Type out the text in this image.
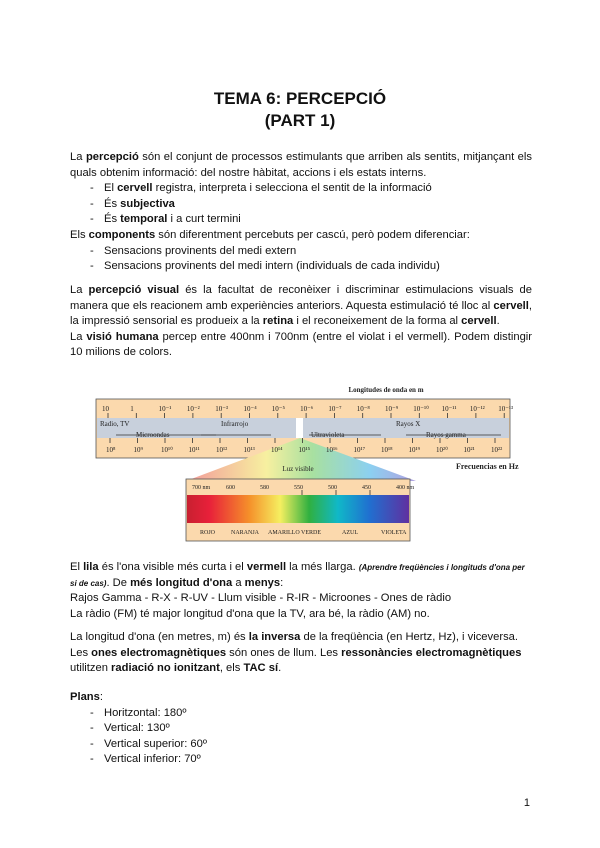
TEMA 6: PERCEPCIÓ
(PART 1)
La percepció són el conjunt de processos estimulants que arriben als sentits, mitjançant els quals obtenim informació: del nostre hàbitat, accions i els estats interns.
- El cervell registra, interpreta i selecciona el sentit de la informació
- És subjectiva
- És temporal i a curt termini
Els components són diferentment percebuts per cascú, però podem diferenciar:
- Sensacions provinents del medi extern
- Sensacions provinents del medi intern (individuals de cada individu)
La percepció visual és la facultat de reconèixer i discriminar estimulacions visuals de manera que els reacionem amb experiències anteriors. Aquesta estimulació té lloc al cervell, la impressió sensorial es produeix a la retina i el reconeixement de la forma al cervell.
La visió humana percep entre 400nm i 700nm (entre el violat i el vermell). Podem distingir 10 milions de colors.
Longitudes de onda en m
10	1	10⁻¹ 10⁻² 10⁻³ 10⁻⁴ 10⁻⁵ 10⁻⁶ 10⁻⁷ 10⁻⁸ 10⁻⁹ 10⁻¹⁰ 10⁻¹¹ 10⁻¹² 10⁻¹³
Radio, TV	Infrarrojo
Microondas	Ultravioleta
Rayos X
Rayos gamma
10⁸	10⁹	10¹⁰ 10¹¹ 10¹² 10¹³ 10¹⁴ 10¹⁵ 10¹⁶ 10¹⁷ 10¹⁸ 10¹⁹ 10²⁰ 10²¹ 10²²
Frecuencias en Hz
Luz visible
700 nm	600	580	550	500	450	400 nm
ROJO	NARANJA AMARILLO VERDE	AZUL	VIOLETA
El lila és l'ona visible més curta i el vermell la més llarga. (Aprendre freqüències i longituds d'ona per si de cas). De més longitud d'ona a menys:
Rajos Gamma - R-X - R-UV - Llum visible - R-IR - Microones - Ones de ràdio
La ràdio (FM) té major longitud d'ona que la TV, ara bé, la ràdio (AM) no.
La longitud d'ona (en metres, m) és la inversa de la freqüència (en Hertz, Hz), i viceversa.
Les ones electromagnètiques són ones de llum. Les ressonàncies electromagnètiques utilitzen radiació no ionitzant, els TAC sí.
Plans:
- Horitzontal: 180º
- Vertical: 130º
- Vertical superior: 60º
- Vertical inferior: 70º
1
